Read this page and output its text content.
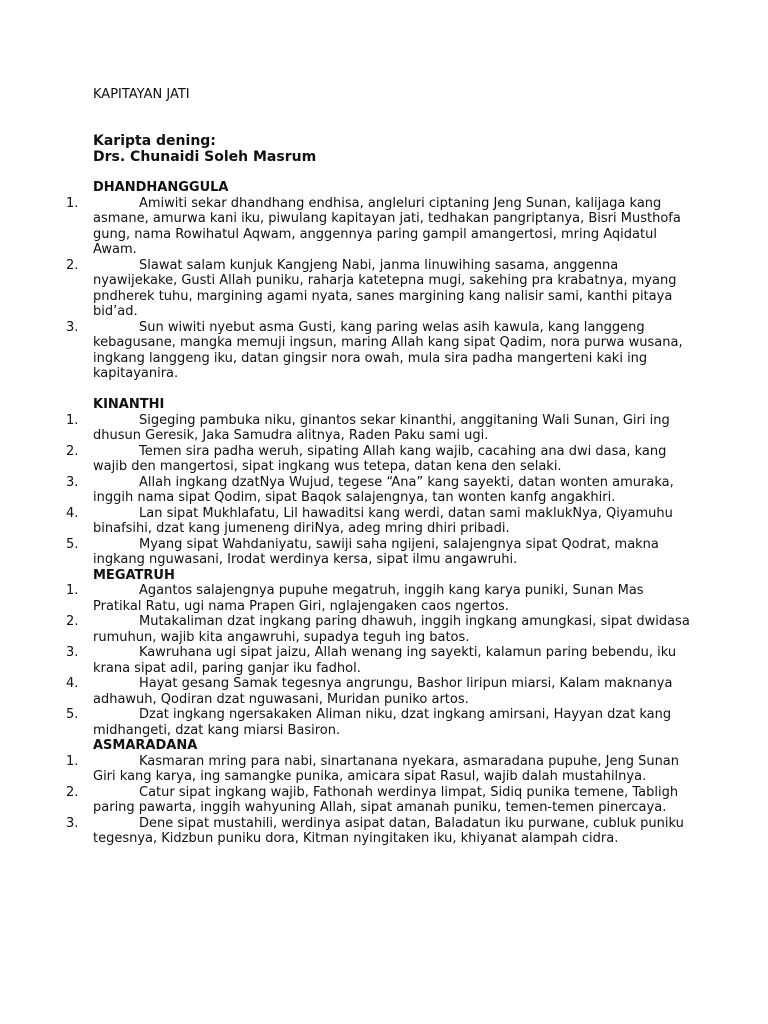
KAPITAYAN JATI
Karipta dening:
Drs. Chunaidi Soleh Masrum
DHANDHANGGULA
1.	Amiwiti sekar dhandhang endhisa, angleluri ciptaning Jeng Sunan, kalijaga kang asmane, amurwa kani iku, piwulang kapitayan jati, tedhakan pangriptanya, Bisri Musthofa gung, nama Rowihatul Aqwam, anggennya paring gampil amangertosi, mring Aqidatul Awam.
2.	Slawat salam kunjuk Kangjeng Nabi, janma linuwihing sasama, anggenna nyawijekake, Gusti Allah puniku, raharja katetepna mugi, sakehing pra krabatnya, myang pndherek tuhu, margining agami nyata, sanes margining kang nalisir sami, kanthi pitaya bid’ad.
3.	Sun wiwiti nyebut asma Gusti, kang paring welas asih kawula, kang langgeng kebagusane, mangka memuji ingsun, maring Allah kang sipat Qadim, nora purwa wusana, ingkang langgeng iku, datan gingsir nora owah, mula sira padha mangerteni kaki ing kapitayanira.
KINANTHI
1.	Sigeging pambuka niku, ginantos sekar kinanthi, anggitaning Wali Sunan, Giri ing dhusun Geresik, Jaka Samudra alitnya, Raden Paku sami ugi.
2.	Temen sira padha weruh, sipating Allah kang wajib, cacahing ana dwi dasa, kang wajib den mangertosi, sipat ingkang wus tetepa, datan kena den selaki.
3.	Allah ingkang dzatNya Wujud, tegese “Ana” kang sayekti, datan wonten amuraka, inggih nama sipat Qodim, sipat Baqok salajengnya, tan wonten kanfg angakhiri.
4.	Lan sipat Mukhlafatu, Lil hawaditsi kang werdi, datan sami maklukNya, Qiyamuhu binafsihi, dzat kang jumeneng diriNya, adeg mring dhiri pribadi.
5.	Myang sipat Wahdaniyatu, sawiji saha ngijeni, salajengnya sipat Qodrat, makna ingkang nguwasani, Irodat werdinya kersa, sipat ilmu angawruhi.
MEGATRUH
1.	Agantos salajengnya pupuhe megatruh, inggih kang karya puniki, Sunan Mas Pratikal Ratu, ugi nama Prapen Giri, nglajengaken caos ngertos.
2.	Mutakaliman dzat ingkang paring dhawuh, inggih ingkang amungkasi, sipat dwidasa rumuhun, wajib kita angawruhi, supadya teguh ing batos.
3.	Kawruhana ugi sipat jaizu, Allah wenang ing sayekti, kalamun paring bebendu, iku krana sipat adil, paring ganjar iku fadhol.
4.	Hayat gesang Samak tegesnya angrungu, Bashor liripun miarsi, Kalam maknanya adhawuh, Qodiran dzat nguwasani, Muridan puniko artos.
5.	Dzat ingkang ngersakaken Aliman niku, dzat ingkang amirsani, Hayyan dzat kang midhangeti, dzat kang miarsi Basiron.
ASMARADANA
1.	Kasmaran mring para nabi, sinartanana nyekara, asmaradana pupuhe, Jeng Sunan Giri kang karya, ing samangke punika, amicara sipat Rasul, wajib dalah mustahilnya.
2.	Catur sipat ingkang wajib, Fathonah werdinya limpat, Sidiq punika temene, Tabligh paring pawarta, inggih wahyuning Allah, sipat amanah puniku, temen-temen pinercaya.
3.	Dene sipat mustahili, werdinya asipat datan, Baladatun iku purwane, cubluk puniku tegesnya, Kidzbun puniku dora, Kitman nyingitaken iku, khiyanat alampah cidra.
